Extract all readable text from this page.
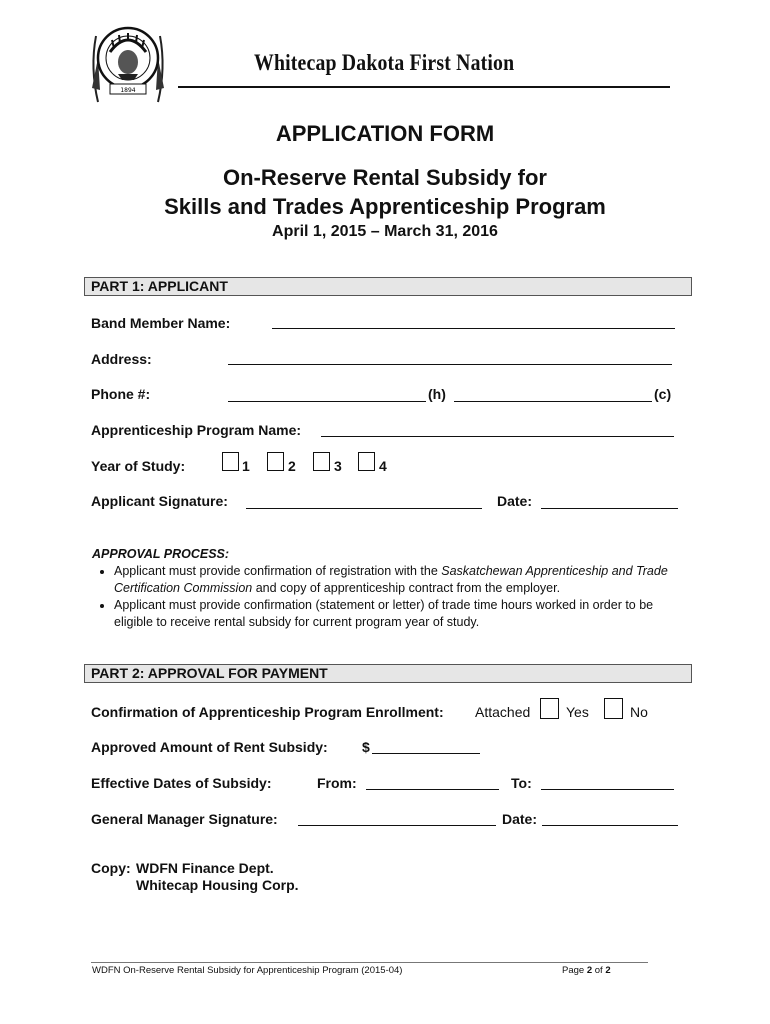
1894
Whitecap Dakota First Nation
APPLICATION FORM
On-Reserve Rental Subsidy for
Skills and Trades Apprenticeship Program
April 1, 2015 – March 31, 2016
PART 1: APPLICANT
Band Member Name:
Address:
Phone #:	(h)	(c)
Apprenticeship Program Name:
Year of Study:	1	2	3	4
Applicant Signature:	Date:
APPROVAL PROCESS:
• Applicant must provide confirmation of registration with the Saskatchewan Apprenticeship and Trade Certification Commission and copy of apprenticeship contract from the employer.
• Applicant must provide confirmation (statement or letter) of trade time hours worked in order to be eligible to receive rental subsidy for current program year of study.
PART 2: APPROVAL FOR PAYMENT
Confirmation of Apprenticeship Program Enrollment: Attached	Yes	No
Approved Amount of Rent Subsidy: $
Effective Dates of Subsidy:	From:	To:
General Manager Signature:	Date:
Copy: WDFN Finance Dept.
Whitecap Housing Corp.
WDFN On-Reserve Rental Subsidy for Apprenticeship Program (2015-04)	Page 2 of 2
